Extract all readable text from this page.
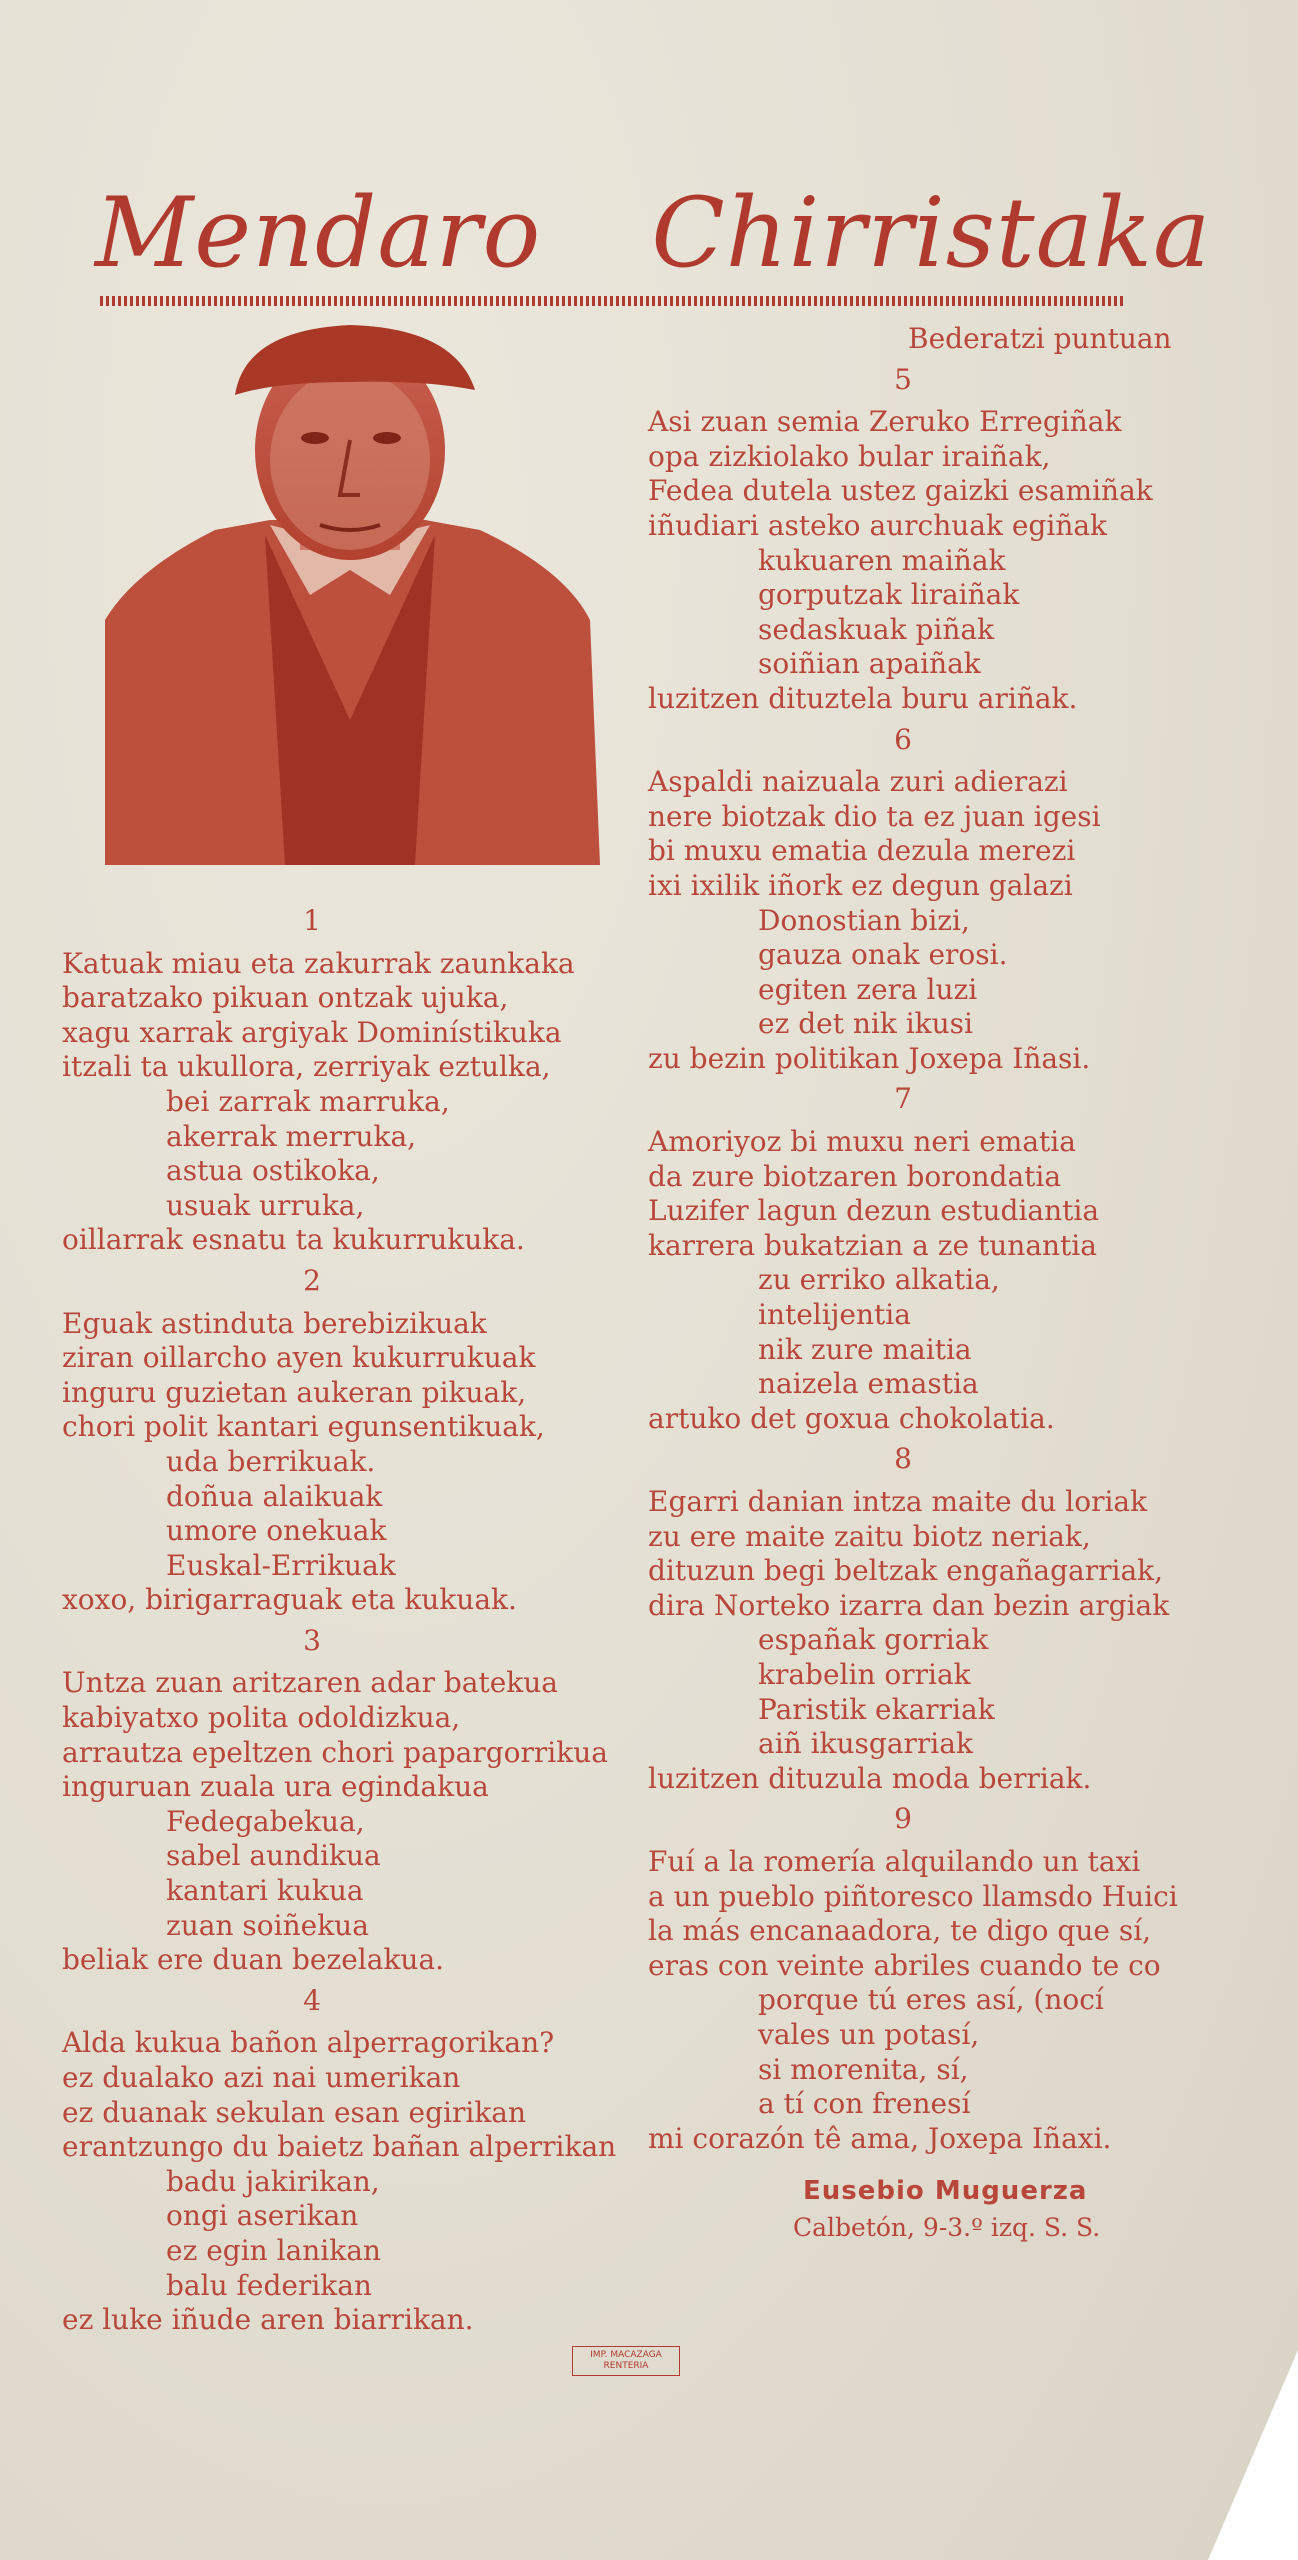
Mendaro Chirristaka
1
Katuak miau eta zakurrak zaunkaka
baratzako pikuan ontzak ujuka,
xagu xarrak argiyak Dominístikuka
itzali ta ukullora, zerriyak eztulka,
bei zarrak marruka,
akerrak merruka,
astua ostikoka,
usuak urruka,
oillarrak esnatu ta kukurrukuka.
2
Eguak astinduta berebizikuak
ziran oillarcho ayen kukurrukuak
inguru guzietan aukeran pikuak,
chori polit kantari egunsentikuak,
uda berrikuak.
doñua alaikuak
umore onekuak
Euskal-Errikuak
xoxo, birigarraguak eta kukuak.
3
Untza zuan aritzaren adar batekua
kabiyatxo polita odoldizkua,
arrautza epeltzen chori papargorrikua
inguruan zuala ura egindakua
Fedegabekua,
sabel aundikua
kantari kukua
zuan soiñekua
beliak ere duan bezelakua.
4
Alda kukua bañon alperragorikan?
ez dualako azi nai umerikan
ez duanak sekulan esan egirikan
erantzungo du baietz bañan alperrikan
badu jakirikan,
ongi aserikan
ez egin lanikan
balu federikan
ez luke iñude aren biarrikan.
Bederatzi puntuan
5
Asi zuan semia Zeruko Erregiñak
opa zizkiolako bular iraiñak,
Fedea dutela ustez gaizki esamiñak
iñudiari asteko aurchuak egiñak
kukuaren maiñak
gorputzak liraiñak
sedaskuak piñak
soiñian apaiñak
luzitzen dituztela buru ariñak.
6
Aspaldi naizuala zuri adierazi
nere biotzak dio ta ez juan igesi
bi muxu ematia dezula merezi
ixi ixilik iñork ez degun galazi
Donostian bizi,
gauza onak erosi.
egiten zera luzi
ez det nik ikusi
zu bezin politikan Joxepa Iñasi.
7
Amoriyoz bi muxu neri ematia
da zure biotzaren borondatia
Luzifer lagun dezun estudiantia
karrera bukatzian a ze tunantia
zu erriko alkatia,
intelijentia
nik zure maitia
naizela emastia
artuko det goxua chokolatia.
8
Egarri danian intza maite du loriak
zu ere maite zaitu biotz neriak,
dituzun begi beltzak engañagarriak,
dira Norteko izarra dan bezin argiak
españak gorriak
krabelin orriak
Paristik ekarriak
aiñ ikusgarriak
luzitzen dituzula moda berriak.
9
Fuí a la romería alquilando un taxi
a un pueblo piñtoresco llamsdo Huici
la más encanaadora, te digo que sí,
eras con veinte abriles cuando te co
porque tú eres así, (nocí
vales un potasí,
si morenita, sí,
a tí con frenesí
mi corazón tê ama, Joxepa Iñaxi.
Eusebio Muguerza
Calbetón, 9-3.º izq. S. S.
IMP. MACAZAGA
RENTERIA
